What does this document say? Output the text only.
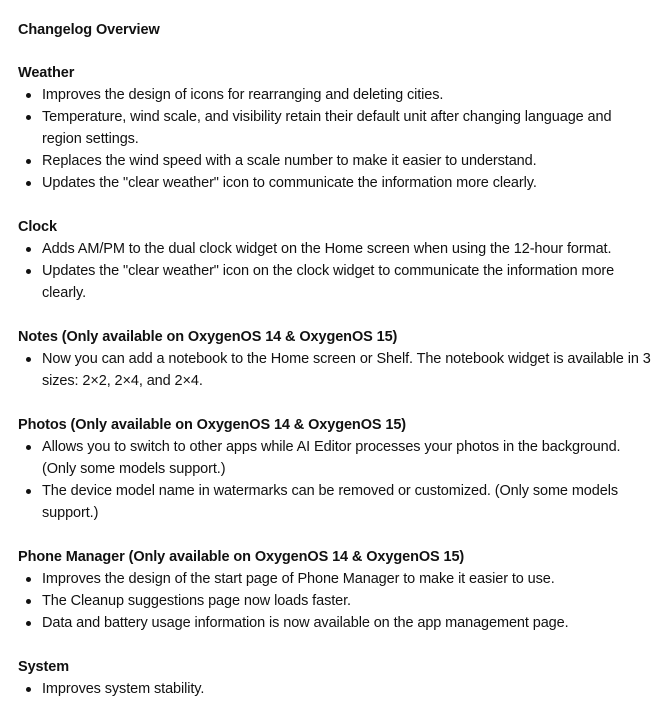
Changelog Overview
Weather
Improves the design of icons for rearranging and deleting cities.
Temperature, wind scale, and visibility retain their default unit after changing language and region settings.
Replaces the wind speed with a scale number to make it easier to understand.
Updates the "clear weather" icon to communicate the information more clearly.
Clock
Adds AM/PM to the dual clock widget on the Home screen when using the 12-hour format.
Updates the "clear weather" icon on the clock widget to communicate the information more clearly.
Notes (Only available on OxygenOS 14 & OxygenOS 15)
Now you can add a notebook to the Home screen or Shelf. The notebook widget is available in 3 sizes: 2×2, 2×4, and 2×4.
Photos (Only available on OxygenOS 14 & OxygenOS 15)
Allows you to switch to other apps while AI Editor processes your photos in the background. (Only some models support.)
The device model name in watermarks can be removed or customized. (Only some models support.)
Phone Manager (Only available on OxygenOS 14 & OxygenOS 15)
Improves the design of the start page of Phone Manager to make it easier to use.
The Cleanup suggestions page now loads faster.
Data and battery usage information is now available on the app management page.
System
Improves system stability.
